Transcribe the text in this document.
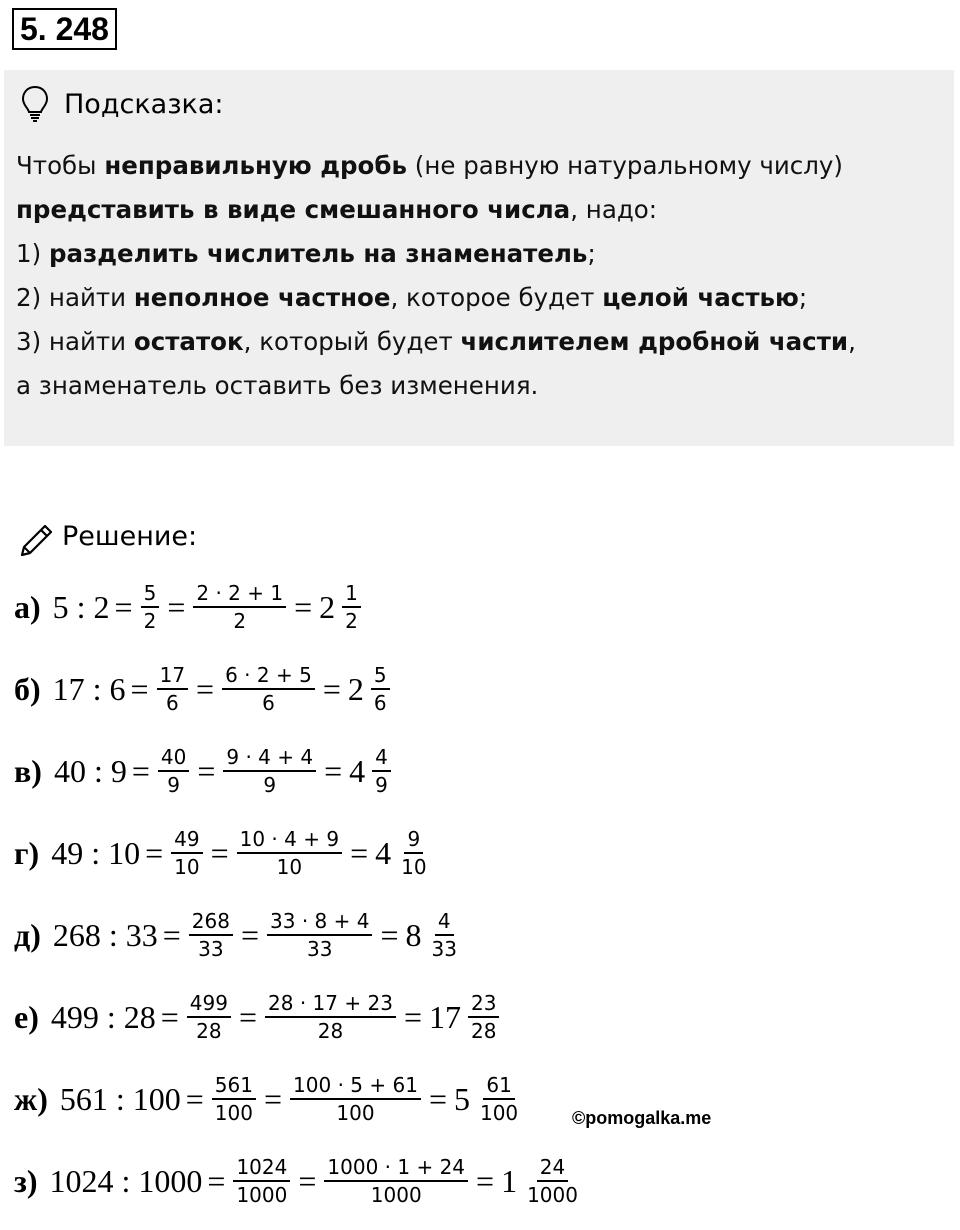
5. 248
Подсказка:
Чтобы неправильную дробь (не равную натуральному числу)
представить в виде смешанного числа, надо:
1) разделить числитель на знаменатель;
2) найти неполное частное, которое будет целой частью;
3) найти остаток, который будет числителем дробной части,
а знаменатель оставить без изменения.
Решение:
а) 5 : $2 = \frac{5}{2} = \frac{2 \cdot 2 + 1}{2} = 2 \frac{1}{2}$
б) 17 : $6 = \frac{17}{6} = \frac{6 \cdot 2 + 5}{6} = 2 \frac{5}{6}$
в) 40 : $9 = \frac{40}{9} = \frac{9 \cdot 4 + 4}{9} = 4 \frac{4}{9}$
г) 49 : $10 = \frac{49}{10} = \frac{10 \cdot 4 + 9}{10} = 4 \frac{9}{10}$
д) 268 : $33 = \frac{268}{33} = \frac{33 \cdot 8 + 4}{33} = 8 \frac{4}{33}$
е) 499 : $28 = \frac{499}{28} = \frac{28 \cdot 17 + 23}{28} = 17 \frac{23}{28}$
ж) 561 : $100 = \frac{561}{100} = \frac{100 \cdot 5 + 61}{100} = 5 \frac{61}{100}$
з) 1024 : $1000 = \frac{1024}{1000} = \frac{1000 \cdot 1 + 24}{1000} = 1 \frac{24}{1000}$
©pomogalka.me
